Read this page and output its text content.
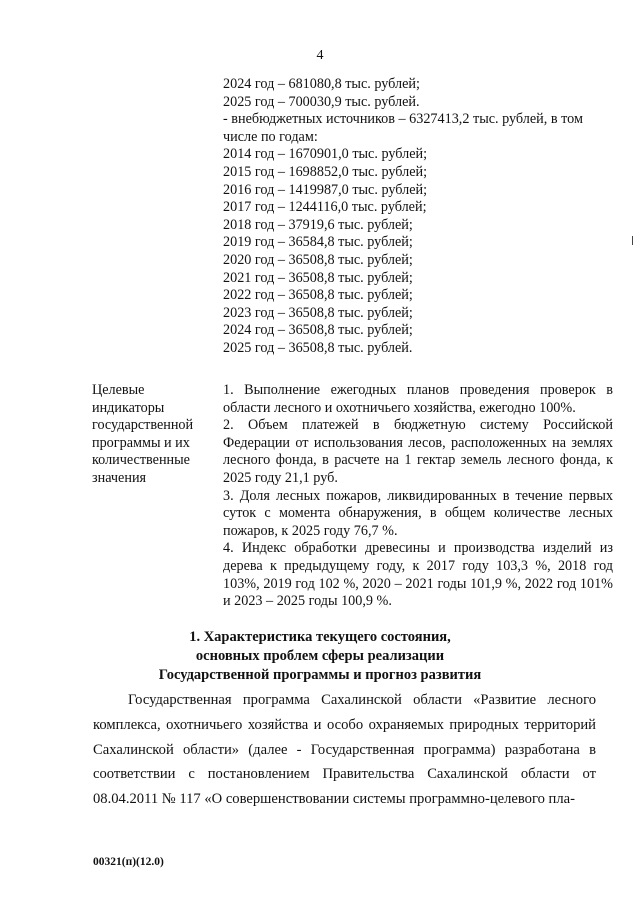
4
2024 год – 681080,8 тыс. рублей;
2025 год – 700030,9 тыс. рублей.
- внебюджетных источников – 6327413,2 тыс. рублей, в том
числе по годам:
2014 год – 1670901,0 тыс. рублей;
2015 год – 1698852,0 тыс. рублей;
2016 год – 1419987,0 тыс. рублей;
2017 год – 1244116,0 тыс. рублей;
2018 год – 37919,6 тыс. рублей;
2019 год – 36584,8 тыс. рублей;
2020 год – 36508,8 тыс. рублей;
2021 год – 36508,8 тыс. рублей;
2022 год – 36508,8 тыс. рублей;
2023 год – 36508,8 тыс. рублей;
2024 год – 36508,8 тыс. рублей;
2025 год – 36508,8 тыс. рублей.
Целевые
индикаторы
государственной
программы и их
количественные
значения

1. Выполнение ежегодных планов проведения проверок в области лесного и охотничьего хозяйства, ежегодно 100%.

2. Объем платежей в бюджетную систему Российской Федерации от использования лесов, расположенных на землях лесного фонда, в расчете на 1 гектар земель лесного фонда, к 2025 году 21,1 руб.

3. Доля лесных пожаров, ликвидированных в течение первых суток с момента обнаружения, в общем количестве лесных пожаров, к 2025 году 76,7 %.

4. Индекс обработки древесины и производства изделий из дерева к предыдущему году, к 2017 году 103,3 %, 2018 год 103%, 2019 год 102 %, 2020 – 2021 годы 101,9 %, 2022 год 101% и 2023 – 2025 годы 100,9 %.

1. Характеристика текущего состояния,
основных проблем сферы реализации
Государственной программы и прогноз развития

Государственная программа Сахалинской области «Развитие лесного комплекса, охотничьего хозяйства и особо охраняемых природных территорий Сахалинской области» (далее - Государственная программа) разработана в соответствии с постановлением Правительства Сахалинской области от 08.04.2011 № 117 «О совершенствовании системы программно-целевого пла-

00321(п)(12.0)
